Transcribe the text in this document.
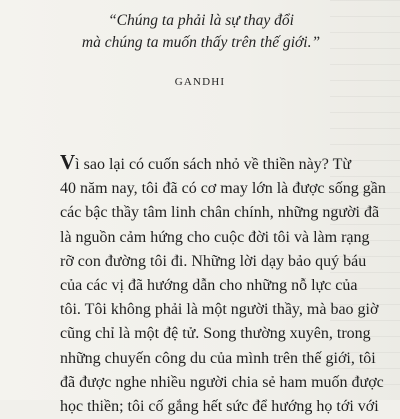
“Chúng ta phải là sự thay đổi
mà chúng ta muốn thấy trên thế giới.”
GANDHI
Vì sao lại có cuốn sách nhỏ về thiền này? Từ
40 năm nay, tôi đã có cơ may lớn là được sống gần
các bậc thầy tâm linh chân chính, những người đã
là nguồn cảm hứng cho cuộc đời tôi và làm rạng
rỡ con đường tôi đi. Những lời dạy bảo quý báu
của các vị đã hướng dẫn cho những nỗ lực của
tôi. Tôi không phải là một người thầy, mà bao giờ
cũng chỉ là một đệ tử. Song thường xuyên, trong
những chuyến công du của mình trên thế giới, tôi
đã được nghe nhiều người chia sẻ ham muốn được
học thiền; tôi cố gắng hết sức để hướng họ tới với
